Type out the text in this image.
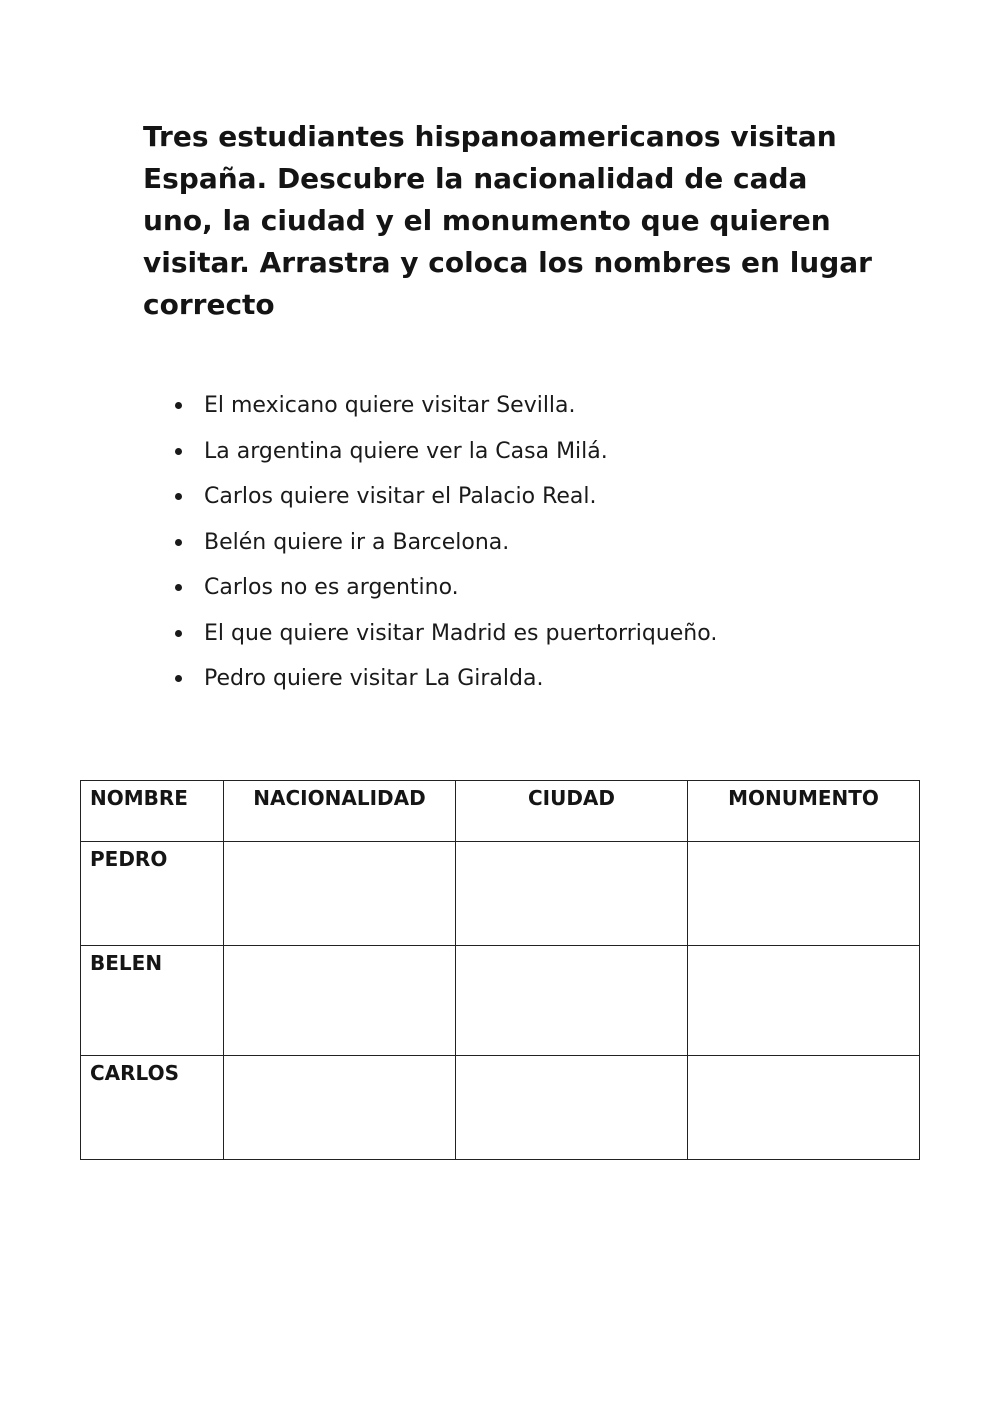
Tres estudiantes hispanoamericanos visitan España. Descubre la nacionalidad de cada uno, la ciudad y el monumento que quieren visitar. Arrastra y coloca los nombres en lugar correcto

El mexicano quiere visitar Sevilla.
La argentina quiere ver la Casa Milá.
Carlos quiere visitar el Palacio Real.
Belén quiere ir a Barcelona.
Carlos no es argentino.
El que quiere visitar Madrid es puertorriqueño.
Pedro quiere visitar La Giralda.
NOMBRE	NACIONALIDAD	CIUDAD	MONUMENTO
PEDRO			
BELEN			
CARLOS			
